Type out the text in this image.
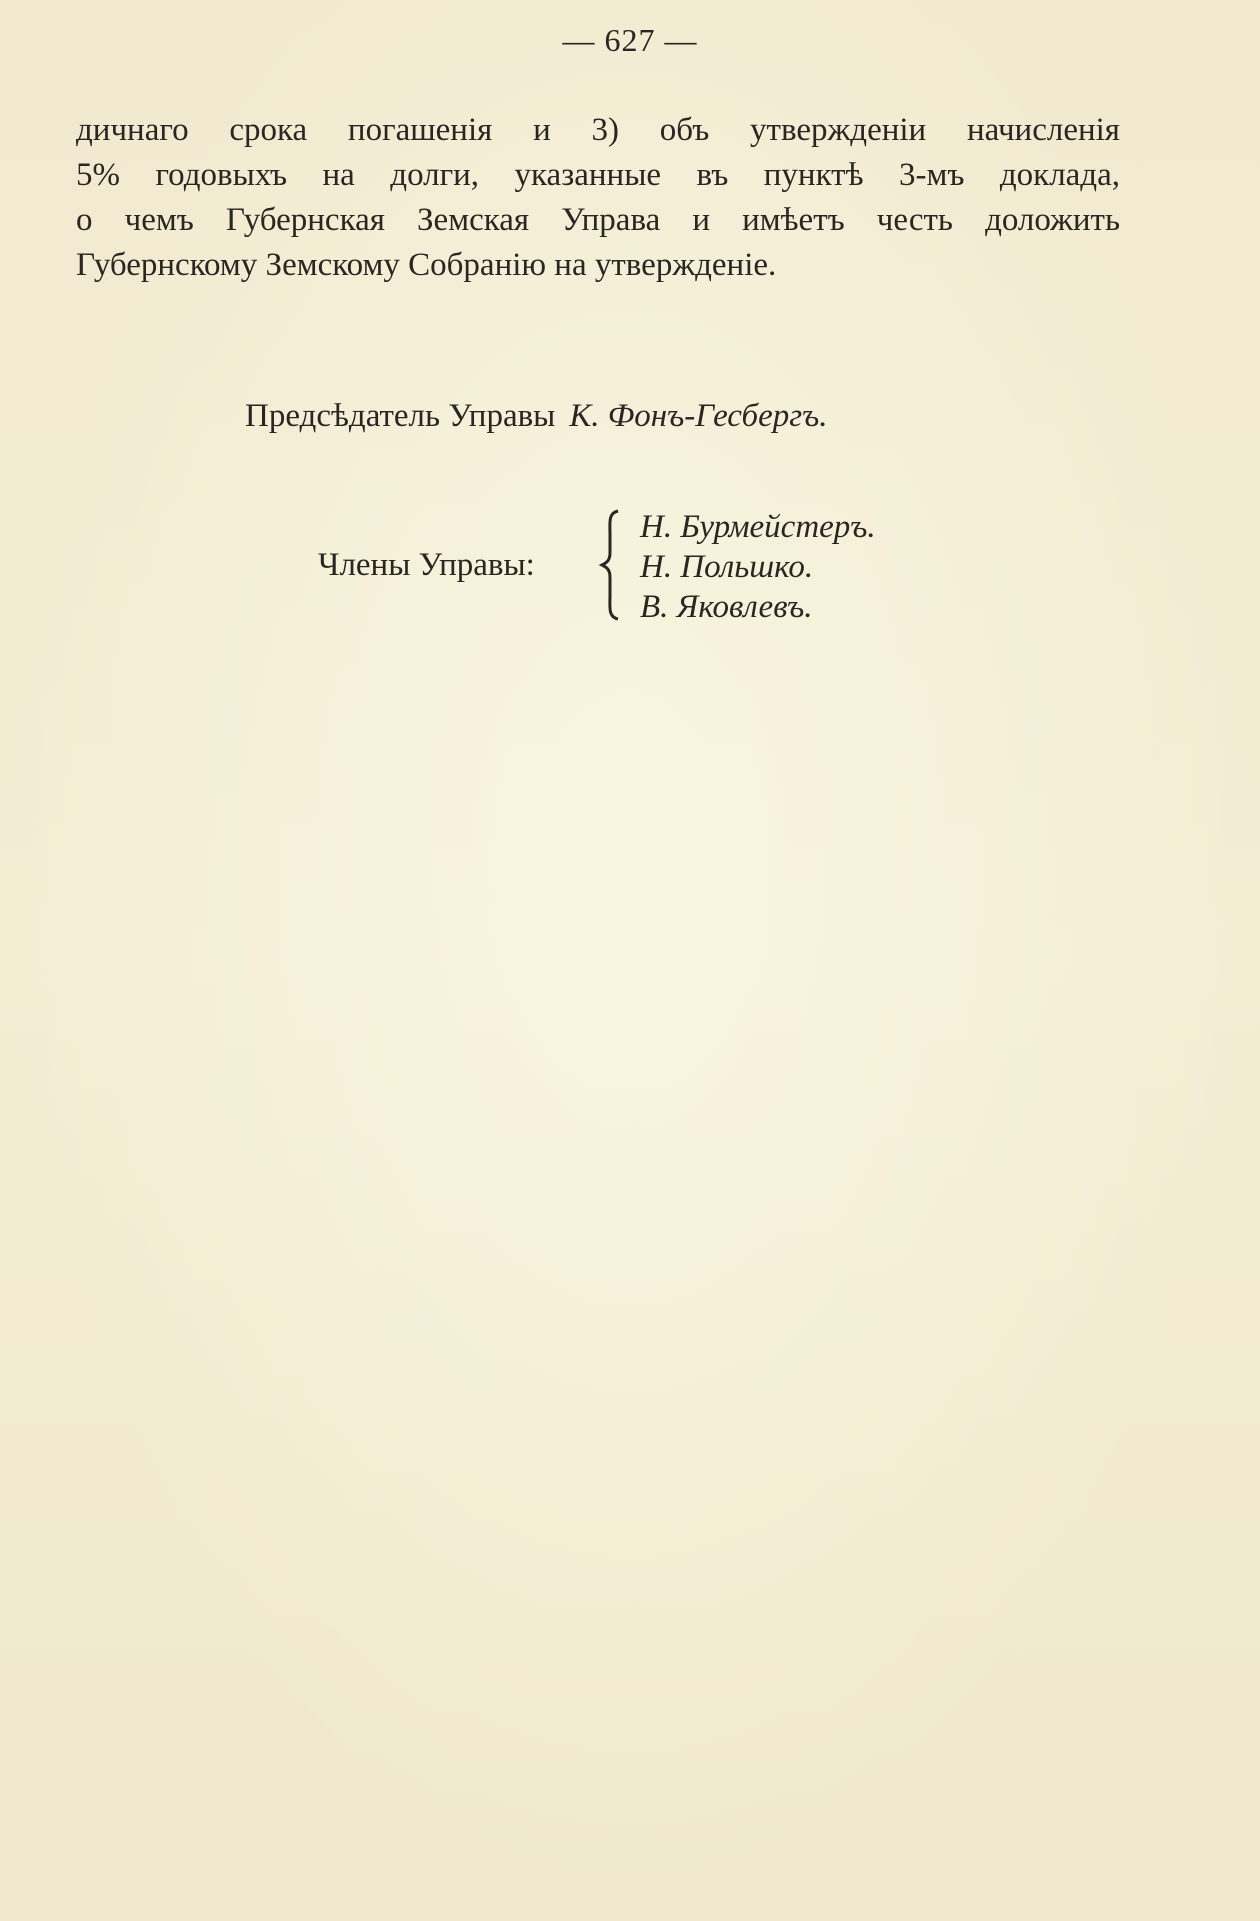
— 627 —
дичнаго срока погашенія и 3) объ утвержденіи начисленія
5% годовыхъ на долги, указанные въ пунктѣ 3-мъ доклада,
о чемъ Губернская Земская Управа и имѣетъ честь доложить
Губернскому Земскому Собранію на утвержденіе.
Предсѣдатель Управы К. Фонъ-Гесбергъ.
Члены Управы:
Н. Бурмейстеръ.
Н. Польшко.
В. Яковлевъ.
